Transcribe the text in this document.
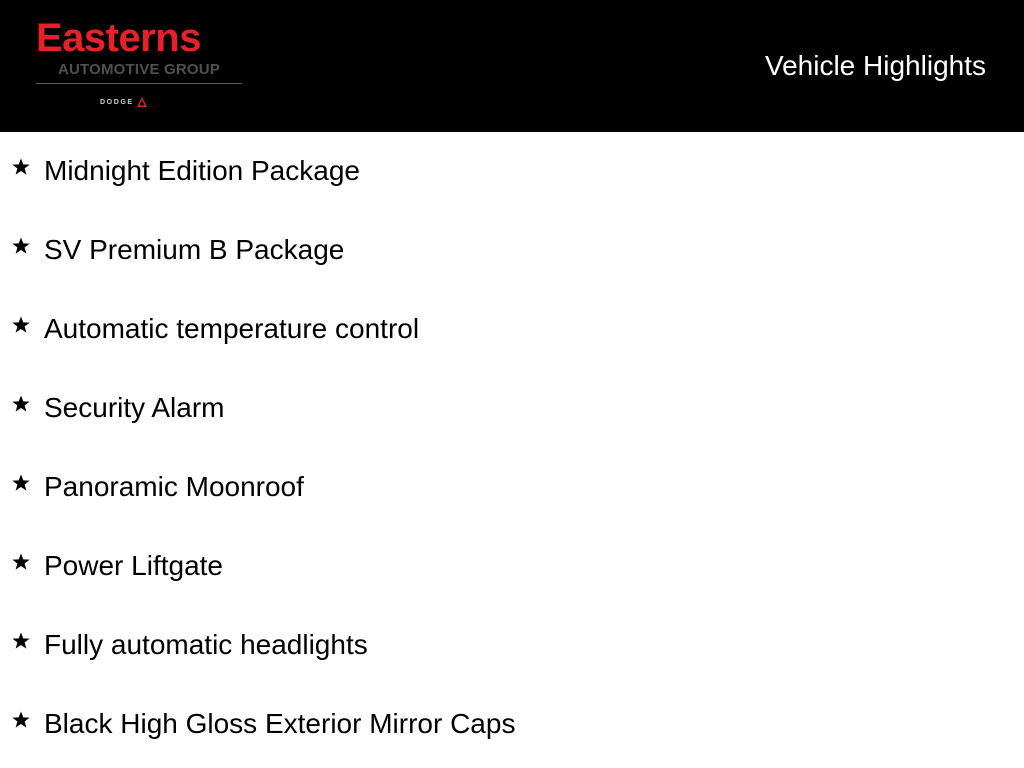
Easterns
AUTOMOTIVE GROUP
DODGE
Vehicle Highlights
Midnight Edition Package
SV Premium B Package
Automatic temperature control
Security Alarm
Panoramic Moonroof
Power Liftgate
Fully automatic headlights
Black High Gloss Exterior Mirror Caps
